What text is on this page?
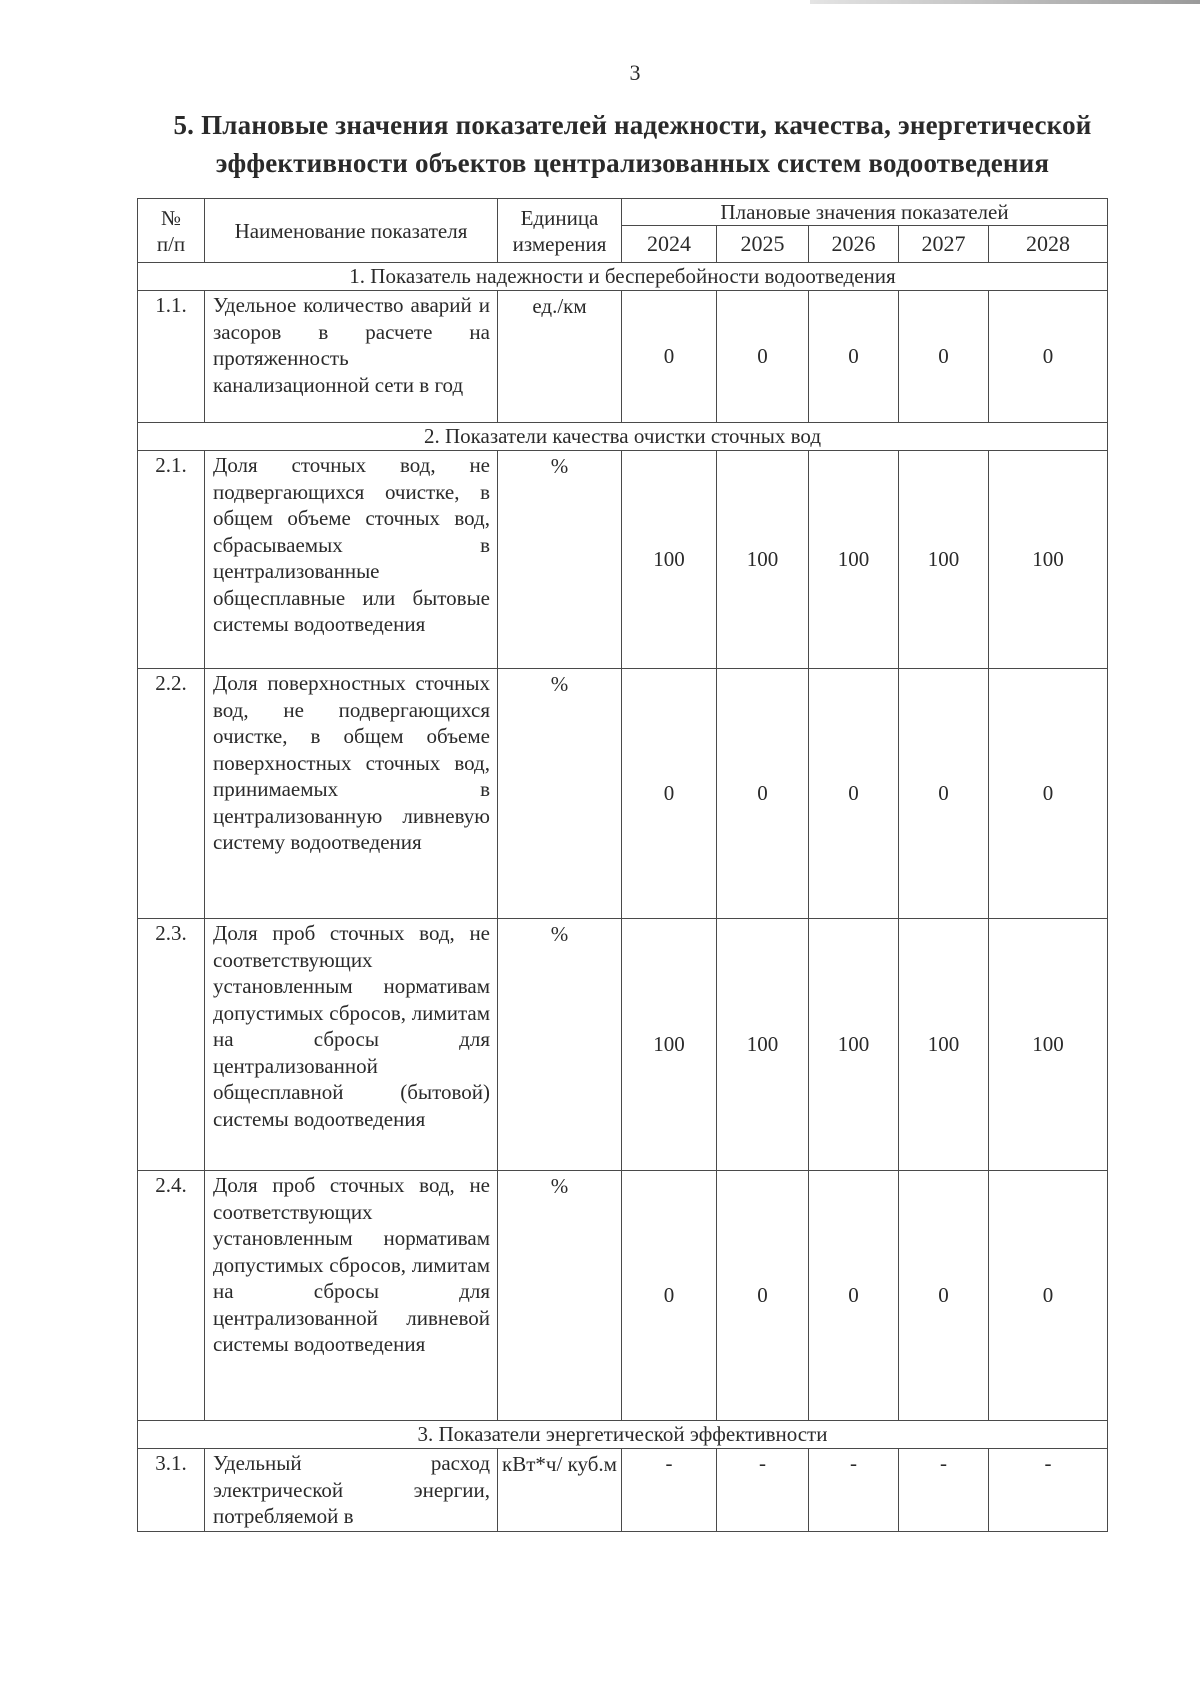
3
5. Плановые значения показателей надежности, качества, энергетической
эффективности объектов централизованных систем водоотведения
№ п/п	Наименование показателя	Единица измерения	Плановые значения показателей				
			2024	2025	2026	2027	2028
1. Показатель надежности и бесперебойности водоотведения							
1.1.	Удельное количество аварий и засоров в расчете на протяженность канализационной сети в год	ед./км	0	0	0	0	0
2. Показатели качества очистки сточных вод							
2.1.	Доля сточных вод, не подвергающихся очистке, в общем объеме сточных вод, сбрасываемых в централизованные общесплавные или бытовые системы водоотведения	%	100	100	100	100	100
2.2.	Доля поверхностных сточных вод, не подвергающихся очистке, в общем объеме поверхностных сточных вод, принимаемых в централизованную ливневую систему водоотведения	%	0	0	0	0	0
2.3.	Доля проб сточных вод, не соответствующих установленным нормативам допустимых сбросов, лимитам на сбросы для централизованной общесплавной (бытовой) системы водоотведения	%	100	100	100	100	100
2.4.	Доля проб сточных вод, не соответствующих установленным нормативам допустимых сбросов, лимитам на сбросы для централизованной ливневой системы водоотведения	%	0	0	0	0	0
3. Показатели энергетической эффективности							
3.1.	Удельный расход электрической энергии, потребляемой в	кВт*ч/ куб.м	-	-	-	-	-
